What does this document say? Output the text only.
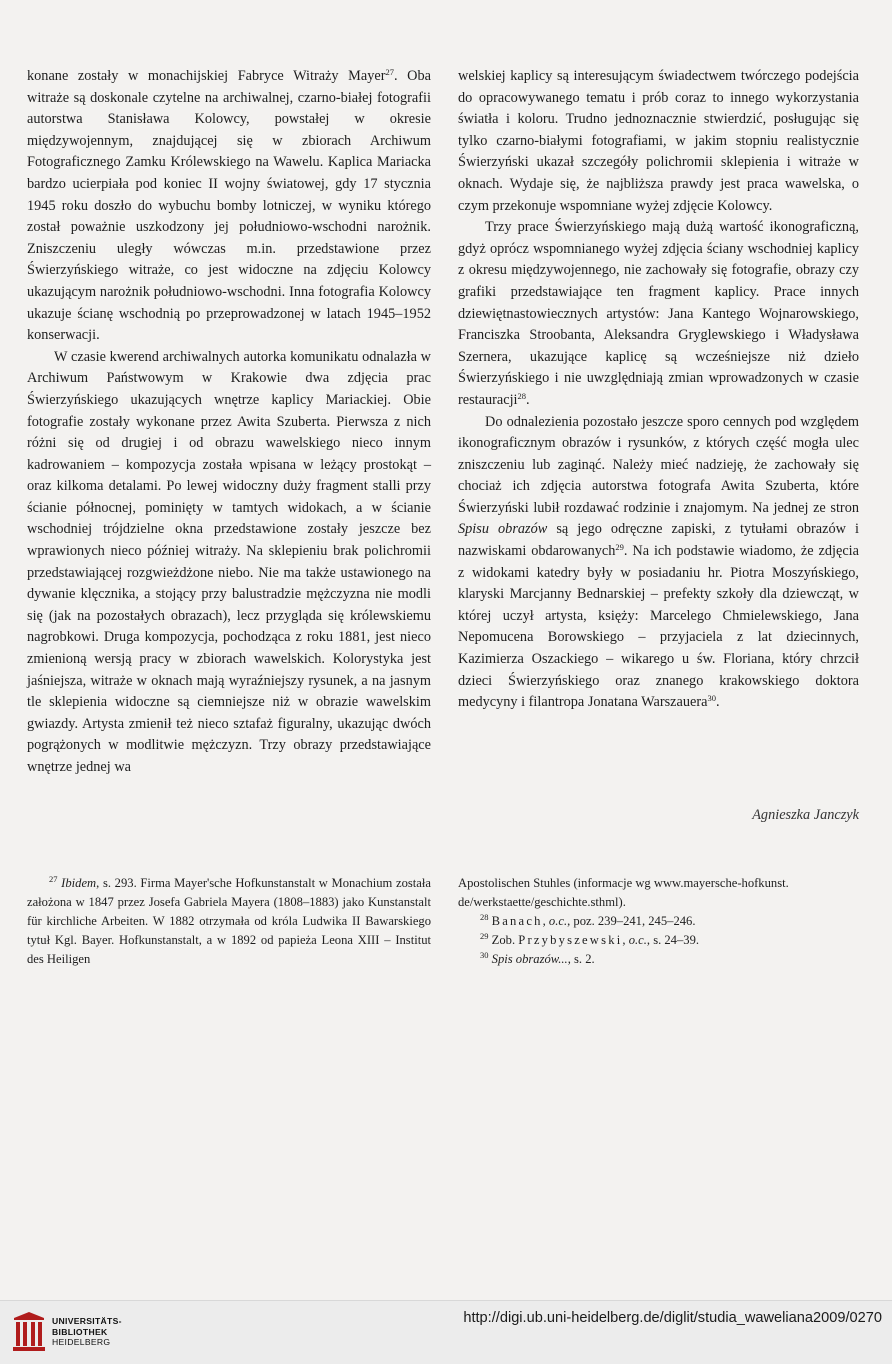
konane zostały w monachijskiej Fabryce Witraży Mayer$^{27}$. Oba witraże są doskonale czytelne na archiwalnej, czarno-białej fotografii autorstwa Stanisława Kolowcy, powstałej w okresie międzywojennym, znajdującej się w zbiorach Archiwum Fotograficznego Zamku Królewskiego na Wawelu. Kaplica Mariacka bardzo ucierpiała pod koniec II wojny światowej, gdy 17 stycznia 1945 roku doszło do wybuchu bomby lotniczej, w wyniku którego został poważnie uszkodzony jej południowo-wschodni narożnik. Zniszczeniu uległy wówczas m.in. przedstawione przez Świerzyńskiego witraże, co jest widoczne na zdjęciu Kolowcy ukazującym narożnik południowo-wschodni. Inna fotografia Kolowcy ukazuje ścianę wschodnią po przeprowadzonej w latach 1945–1952 konserwacji.

W czasie kwerend archiwalnych autorka komunikatu odnalazła w Archiwum Państwowym w Krakowie dwa zdjęcia prac Świerzyńskiego ukazujących wnętrze kaplicy Mariackiej. Obie fotografie zostały wykonane przez Awita Szuberta. Pierwsza z nich różni się od drugiej i od obrazu wawelskiego nieco innym kadrowaniem – kompozycja została wpisana w leżący prostokąt – oraz kilkoma detalami. Po lewej widoczny duży fragment stalli przy ścianie północnej, pominięty w tamtych widokach, a w ścianie wschodniej trójdzielne okna przedstawione zostały jeszcze bez wprawionych nieco później witraży. Na sklepieniu brak polichromii przedstawiającej rozgwieżdżone niebo. Nie ma także ustawionego na dywanie klęcznika, a stojący przy balustradzie mężczyzna nie modli się (jak na pozostałych obrazach), lecz przygląda się królewskiemu nagrobkowi. Druga kompozycja, pochodząca z roku 1881, jest nieco zmienioną wersją pracy w zbiorach wawelskich. Kolorystyka jest jaśniejsza, witraże w oknach mają wyraźniejszy rysunek, a na jasnym tle sklepienia widoczne są ciemniejsze niż w obrazie wawelskim gwiazdy. Artysta zmienił też nieco sztafaż figuralny, ukazując dwóch pogrążonych w modlitwie mężczyzn. Trzy obrazy przedstawiające wnętrze jednej wa

welskiej kaplicy są interesującym świadectwem twórczego podejścia do opracowywanego tematu i prób coraz to innego wykorzystania światła i koloru. Trudno jednoznacznie stwierdzić, posługując się tylko czarno-białymi fotografiami, w jakim stopniu realistycznie Świerzyński ukazał szczegóły polichromii sklepienia i witraże w oknach. Wydaje się, że najbliższa prawdy jest praca wawelska, o czym przekonuje wspomniane wyżej zdjęcie Kolowcy.

Trzy prace Świerzyńskiego mają dużą wartość ikonograficzną, gdyż oprócz wspomnianego wyżej zdjęcia ściany wschodniej kaplicy z okresu międzywojennego, nie zachowały się fotografie, obrazy czy grafiki przedstawiające ten fragment kaplicy. Prace innych dziewiętnastowiecznych artystów: Jana Kantego Wojnarowskiego, Franciszka Stroobanta, Aleksandra Gryglewskiego i Władysława Szernera, ukazujące kaplicę są wcześniejsze niż dzieło Świerzyńskiego i nie uwzględniają zmian wprowadzonych w czasie restauracji$^{28}$.

Do odnalezienia pozostało jeszcze sporo cennych pod względem ikonograficznym obrazów i rysunków, z których część mogła ulec zniszczeniu lub zaginąć. Należy mieć nadzieję, że zachowały się chociaż ich zdjęcia autorstwa fotografa Awita Szuberta, które Świerzyński lubił rozdawać rodzinie i znajomym. Na jednej ze stron Spisu obrazów są jego odręczne zapiski, z tytułami obrazów i nazwiskami obdarowanych$^{29}$. Na ich podstawie wiadomo, że zdjęcia z widokami katedry były w posiadaniu hr. Piotra Moszyńskiego, klaryski Marcjanny Bednarskiej – prefekty szkoły dla dziewcząt, w której uczył artysta, księży: Marcelego Chmielewskiego, Jana Nepomucena Borowskiego – przyjaciela z lat dziecinnych, Kazimierza Oszackiego – wikarego u św. Floriana, który chrzcił dzieci Świerzyńskiego oraz znanego krakowskiego doktora medycyny i filantropa Jonatana Warszauera$^{30}$.

Agnieszka Janczyk

$^{27}$ Ibidem, s. 293. Firma Mayer'sche Hofkunstanstalt w Monachium została założona w 1847 przez Josefa Gabriela Mayera (1808–1883) jako Kunstanstalt für kirchliche Arbeiten. W 1882 otrzymała od króla Ludwika II Bawarskiego tytuł Kgl. Bayer. Hofkunstanstalt, a w 1892 od papieża Leona XIII – Institut des Heiligen

Apostolischen Stuhles (informacje wg www.mayersche-hofkunst. de/werkstaette/geschichte.sthml).

$^{28}$ Banach, o.c., poz. 239–241, 245–246.

$^{29}$ Zob. Przybyszewski, o.c., s. 24–39.

$^{30}$ Spis obrazów..., s. 2.

UNIVERSITÄTS-
BIBLIOTHEK
HEIDELBERG
http://digi.ub.uni-heidelberg.de/diglit/studia_waweliana2009/0270
